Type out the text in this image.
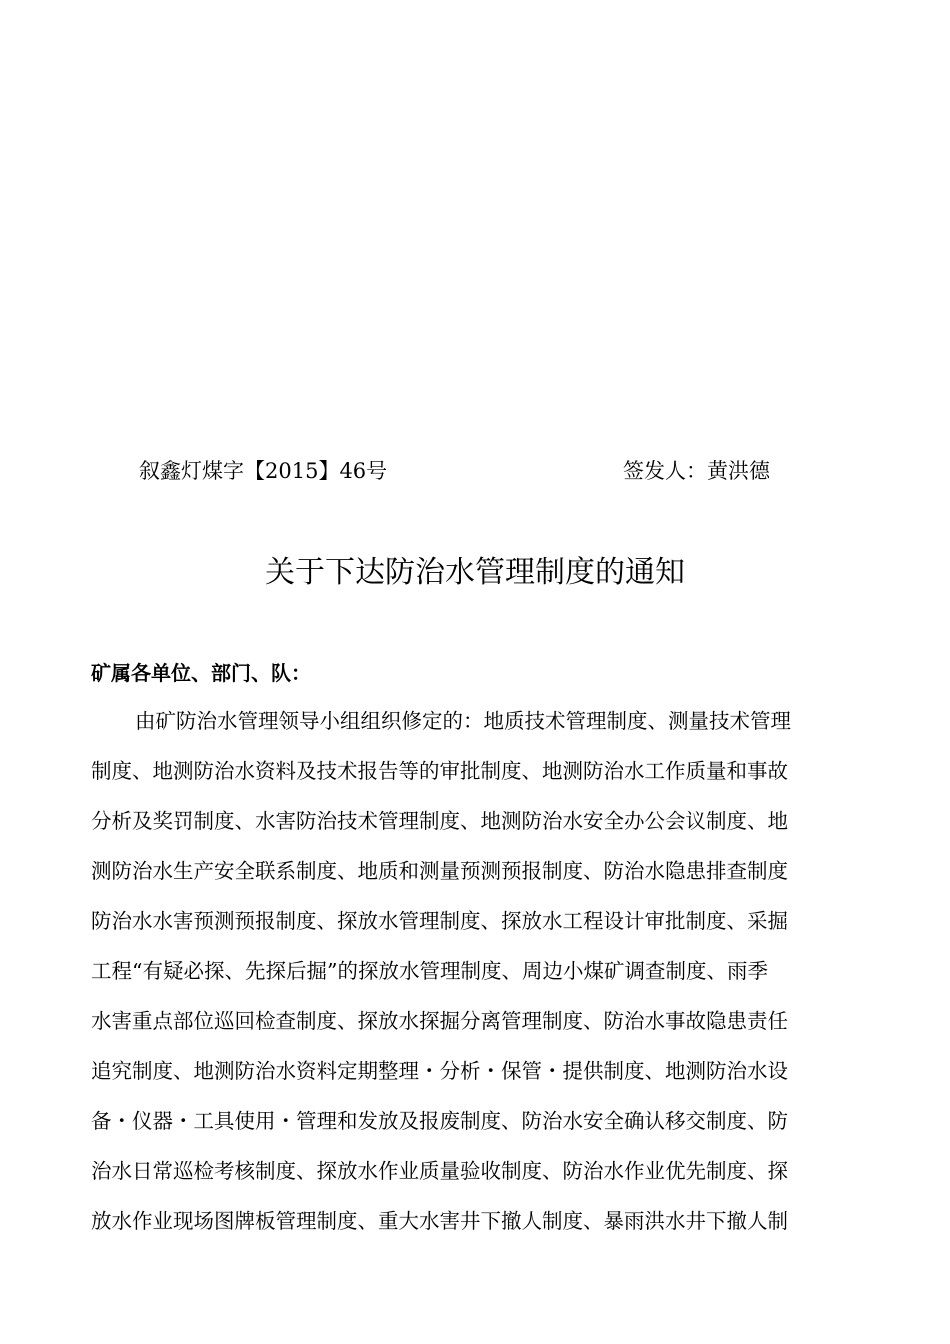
叙鑫灯煤字【2015】46号	签发人：黄洪德
关于下达防治水管理制度的通知
矿属各单位、部门、队：
由矿防治水管理领导小组组织修定的：地质技术管理制度、测量技术管理
制度、地测防治水资料及技术报告等的审批制度、地测防治水工作质量和事故
分析及奖罚制度、水害防治技术管理制度、地测防治水安全办公会议制度、地
测防治水生产安全联系制度、地质和测量预测预报制度、防治水隐患排查制度
防治水水害预测预报制度、探放水管理制度、探放水工程设计审批制度、采掘
工程“有疑必探、先探后掘”的探放水管理制度、周边小煤矿调查制度、雨季
水害重点部位巡回检查制度、探放水探掘分离管理制度、防治水事故隐患责任
追究制度、地测防治水资料定期整理・分析・保管・提供制度、地测防治水设
备・仪器・工具使用・管理和发放及报废制度、防治水安全确认移交制度、防
治水日常巡检考核制度、探放水作业质量验收制度、防治水作业优先制度、探
放水作业现场图牌板管理制度、重大水害井下撤人制度、暴雨洪水井下撤人制
